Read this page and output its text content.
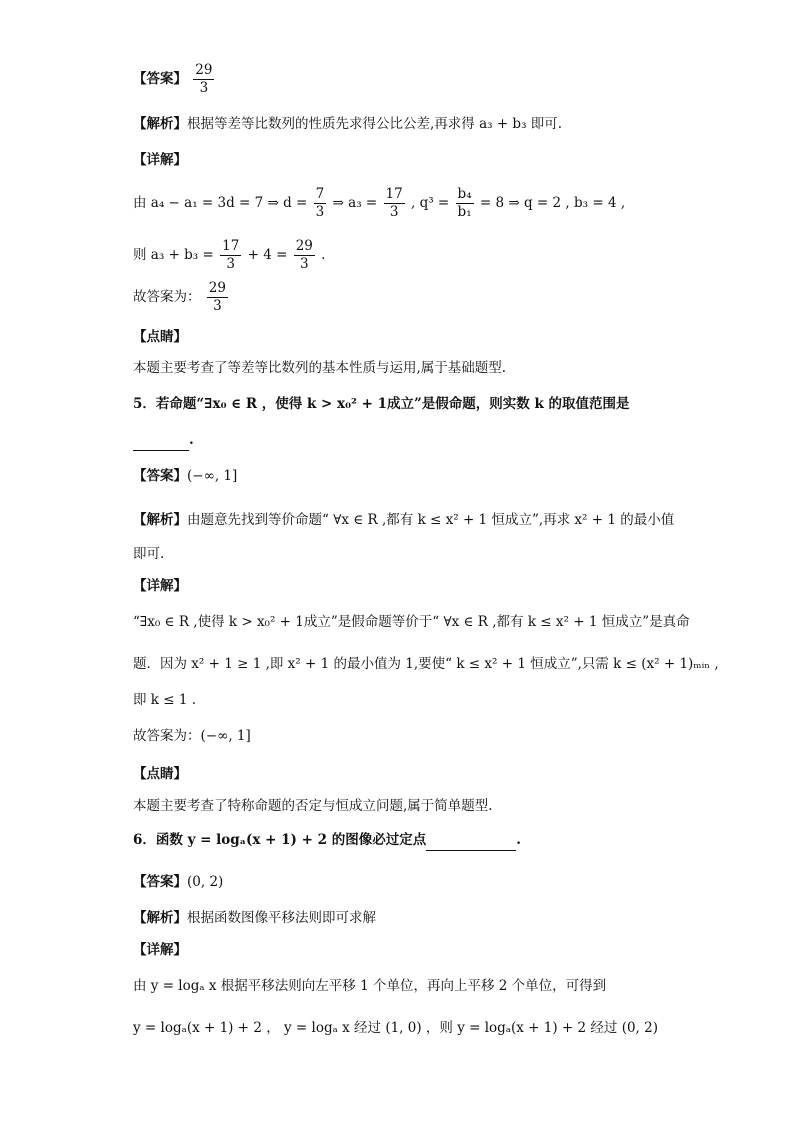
【答案】 $\frac{29}{3}$
【解析】根据等差等比数列的性质先求得公比公差,再求得 a₃ + b₃ 即可.
【详解】
由 a₄ − a₁ = 3d = 7 ⇒ $d = \frac{7}{3}$ ⇒ $a_3 = \frac{17}{3}$ , $q^3 = \frac{\text{b₄}}{\text{b₁}} = 8$ ⇒ q = 2 , b₃ = 4 ,
则 $a_3 + b_3 = \frac{17}{3} + 4 = \frac{29}{3}$ .
故答案为： $\frac{29}{3}$
【点睛】
本题主要考查了等差等比数列的基本性质与运用,属于基础题型.
5．若命题“∃x₀ ∈ R ，使得 k > x₀² + 1成立”是假命题，则实数 k 的取值范围是
.
【答案】(−∞, 1]
【解析】由题意先找到等价命题“ ∀x ∈ R ,都有 k ≤ x² + 1 恒成立”,再求 x² + 1 的最小值
即可.
【详解】
“∃x₀ ∈ R ,使得 k > x₀² + 1成立”是假命题等价于“ ∀x ∈ R ,都有 k ≤ x² + 1 恒成立”是真命
题．因为 x² + 1 ≥ 1 ,即 x² + 1 的最小值为 1,要使“ k ≤ x² + 1 恒成立”,只需 k ≤ (x² + 1)ₘᵢₙ ,
即 k ≤ 1 .
故答案为：(−∞, 1]
【点睛】
本题主要考查了特称命题的否定与恒成立问题,属于简单题型.
6．函数 y = logₐ(x + 1) + 2 的图像必过定点	.
【答案】(0, 2)
【解析】根据函数图像平移法则即可求解
【详解】
由 y = logₐ x 根据平移法则向左平移 1 个单位，再向上平移 2 个单位，可得到
y = logₐ(x + 1) + 2 ， y = logₐ x 经过 (1, 0) ，则 y = logₐ(x + 1) + 2 经过 (0, 2)
